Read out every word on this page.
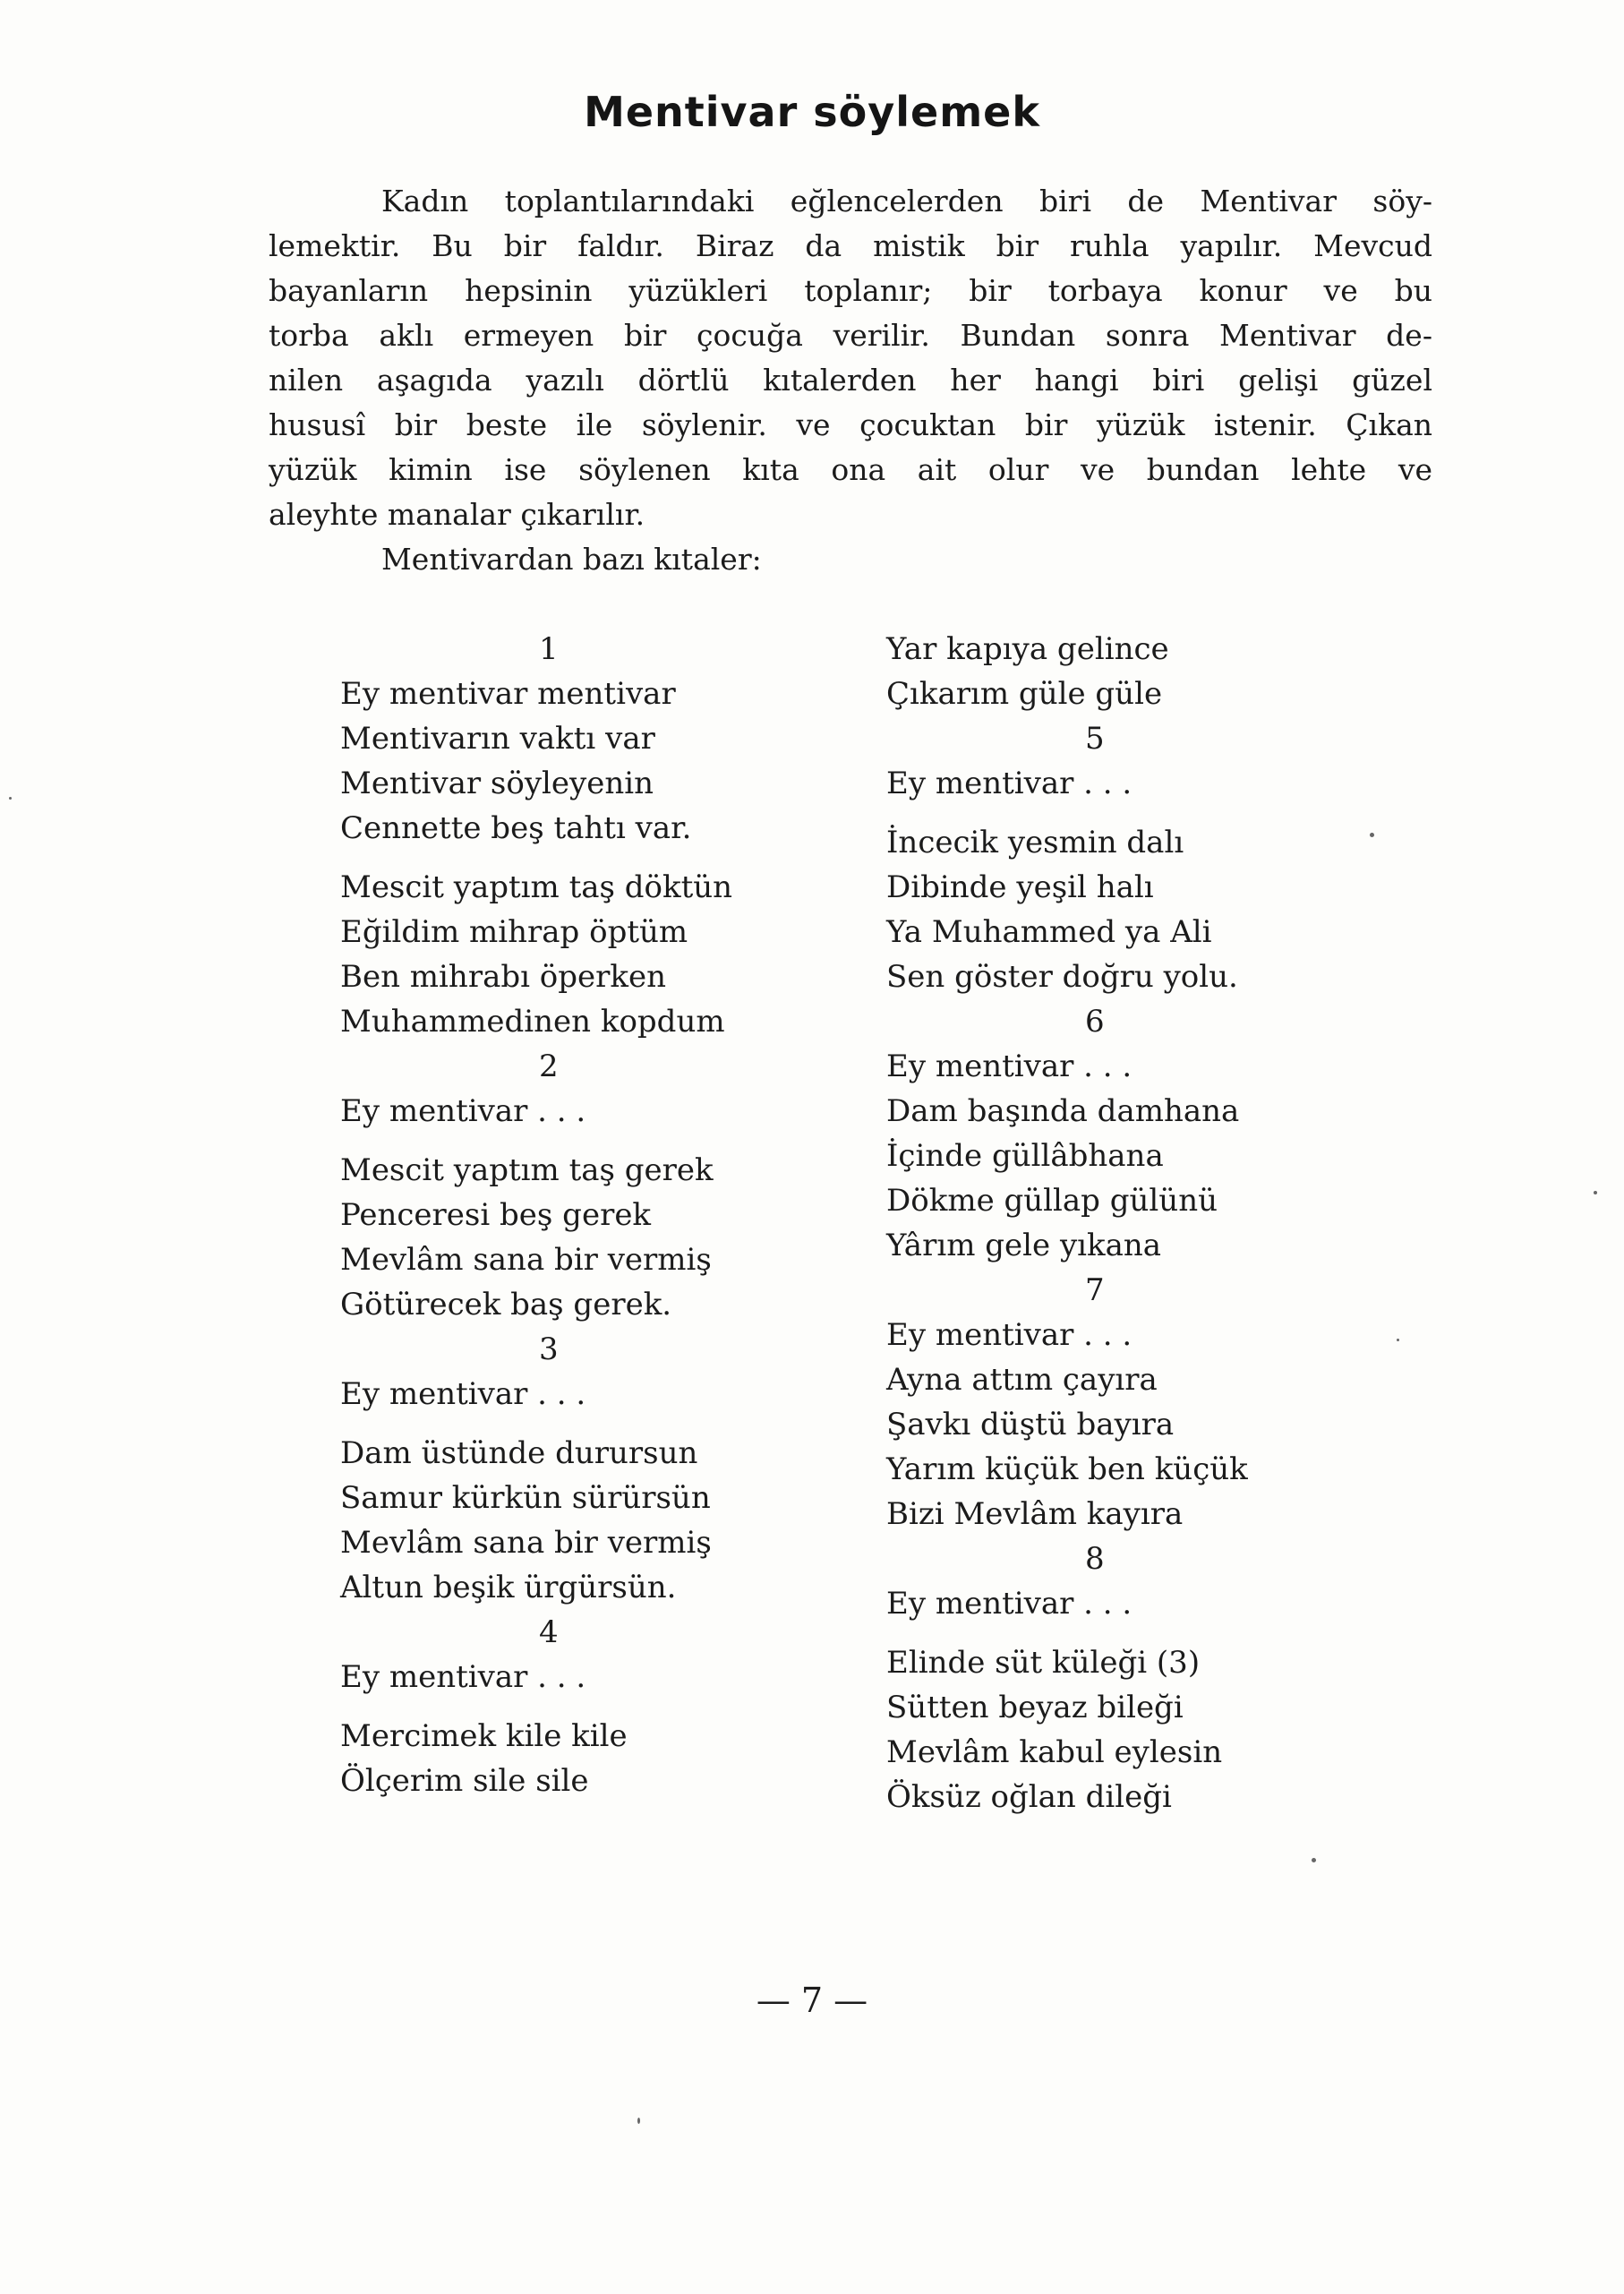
Mentivar söylemek
Kadın toplantılarındaki eğlencelerden biri de Mentivar söy-
lemektir. Bu bir faldır. Biraz da mistik bir ruhla yapılır. Mevcud
bayanların hepsinin yüzükleri toplanır; bir torbaya konur ve bu
torba aklı ermeyen bir çocuğa verilir. Bundan sonra Mentivar de-
nilen aşagıda yazılı dörtlü kıtalerden her hangi biri gelişi güzel
hususî bir beste ile söylenir. ve çocuktan bir yüzük istenir. Çıkan
yüzük kimin ise söylenen kıta ona ait olur ve bundan lehte ve
aleyhte manalar çıkarılır.
Mentivardan bazı kıtaler:
1
Ey mentivar mentivar
Mentivarın vaktı var
Mentivar söyleyenin
Cennette beş tahtı var.
Mescit yaptım taş döktün
Eğildim mihrap öptüm
Ben mihrabı öperken
Muhammedinen kopdum
2
Ey mentivar . . .
Mescit yaptım taş gerek
Penceresi beş gerek
Mevlâm sana bir vermiş
Götürecek baş gerek.
3
Ey mentivar . . .
Dam üstünde durursun
Samur kürkün sürürsün
Mevlâm sana bir vermiş
Altun beşik ürgürsün.
4
Ey mentivar . . .
Mercimek kile kile
Ölçerim sile sile
Yar kapıya gelince
Çıkarım güle güle
5
Ey mentivar . . .
İncecik yesmin dalı
Dibinde yeşil halı
Ya Muhammed ya Ali
Sen göster doğru yolu.
6
Ey mentivar . . .
Dam başında damhana
İçinde güllâbhana
Dökme güllap gülünü
Yârım gele yıkana
7
Ey mentivar . . .
Ayna attım çayıra
Şavkı düştü bayıra
Yarım küçük ben küçük
Bizi Mevlâm kayıra
8
Ey mentivar . . .
Elinde süt küleği (3)
Sütten beyaz bileği
Mevlâm kabul eylesin
Öksüz oğlan dileği

— 7 —
